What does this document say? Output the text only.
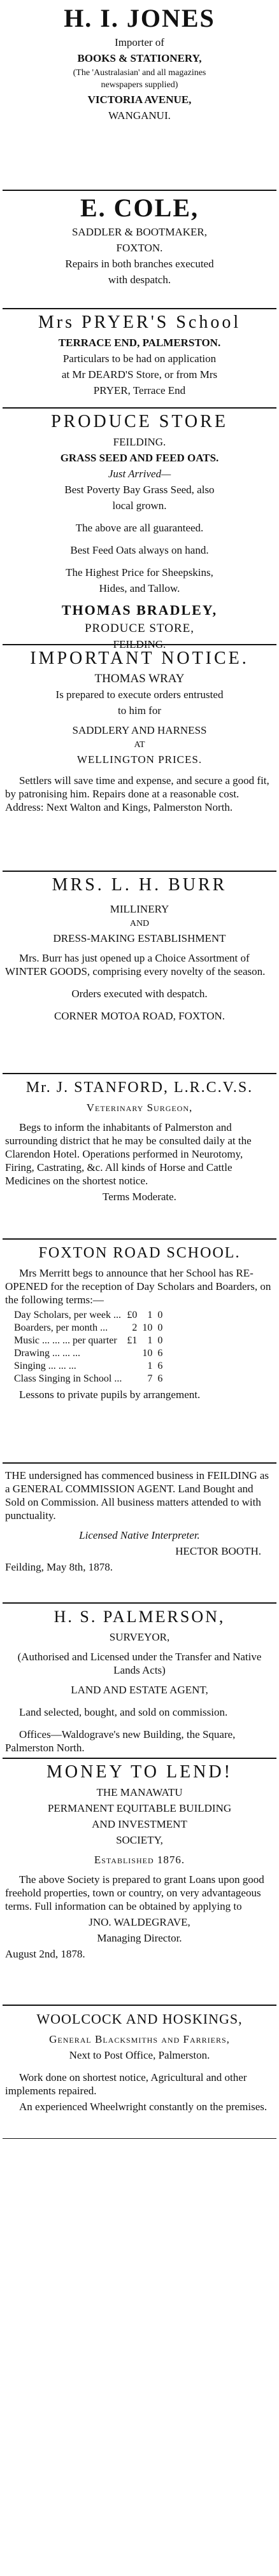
H. I. JONES
Importer of
BOOKS & STATIONERY,
(The 'Australasian' and all magazines
newspapers supplied)
VICTORIA AVENUE,
WANGANUI.
E. COLE,
SADDLER & BOOTMAKER,
FOXTON.
Repairs in both branches executed
with despatch.
Mrs PRYER'S School
TERRACE END, PALMERSTON.
Particulars to be had on application
at Mr DEARD'S Store, or from Mrs
PRYER, Terrace End
PRODUCE STORE
FEILDING.
GRASS SEED AND FEED OATS.
Just Arrived—
Best Poverty Bay Grass Seed, also
local grown.
The above are all guaranteed.
Best Feed Oats always on hand.
The Highest Price for Sheepskins,
Hides, and Tallow.
THOMAS BRADLEY,
PRODUCE STORE,
FEILDING.
IMPORTANT NOTICE.
THOMAS WRAY
Is prepared to execute orders entrusted
to him for
SADDLERY AND HARNESS
AT
WELLINGTON PRICES.
Settlers will save time and expense, and secure a good fit, by patronising him. Repairs done at a reasonable cost. Address: Next Walton and Kings, Palmerston North.
MRS. L. H. BURR
MILLINERY
AND
DRESS-MAKING ESTABLISHMENT
Mrs. Burr has just opened up a Choice Assortment of WINTER GOODS, comprising every novelty of the season.
Orders executed with despatch.
CORNER MOTOA ROAD, FOXTON.
Mr. J. STANFORD, L.R.C.V.S.
Veterinary Surgeon,
Begs to inform the inhabitants of Palmerston and surrounding district that he may be consulted daily at the Clarendon Hotel. Operations performed in Neurotomy, Firing, Castrating, &c. All kinds of Horse and Cattle Medicines on the shortest notice.
Terms Moderate.
FOXTON ROAD SCHOOL.
Mrs Merritt begs to announce that her School has RE-OPENED for the reception of Day Scholars and Boarders, on the following terms:—
Day Scholars, per week ...	£0	1	0
Boarders, per month ...	2	10	0
Music ... ... ... per quarter	£1	1	0
Drawing ... ... ...		10	6
Singing ... ... ...		1	6
Class Singing in School ...		7	6
Lessons to private pupils by arrangement.
THE undersigned has commenced business in FEILDING as a GENERAL COMMISSION AGENT. Land Bought and Sold on Commission. All business matters attended to with punctuality.
Licensed Native Interpreter.
HECTOR BOOTH.
Feilding, May 8th, 1878.
H. S. PALMERSON,
SURVEYOR,
(Authorised and Licensed under the Transfer and Native Lands Acts)
LAND AND ESTATE AGENT,
Land selected, bought, and sold on commission.
Offices—Waldograve's new Building, the Square, Palmerston North.
MONEY TO LEND!
THE MANAWATU
PERMANENT EQUITABLE BUILDING
AND INVESTMENT
SOCIETY,
Established 1876.
The above Society is prepared to grant Loans upon good freehold properties, town or country, on very advantageous terms. Full information can be obtained by applying to
JNO. WALDEGRAVE,
Managing Director.
August 2nd, 1878.
WOOLCOCK AND HOSKINGS,
General Blacksmiths and Farriers,
Next to Post Office, Palmerston.
Work done on shortest notice, Agricultural and other implements repaired.
An experienced Wheelwright constantly on the premises.
